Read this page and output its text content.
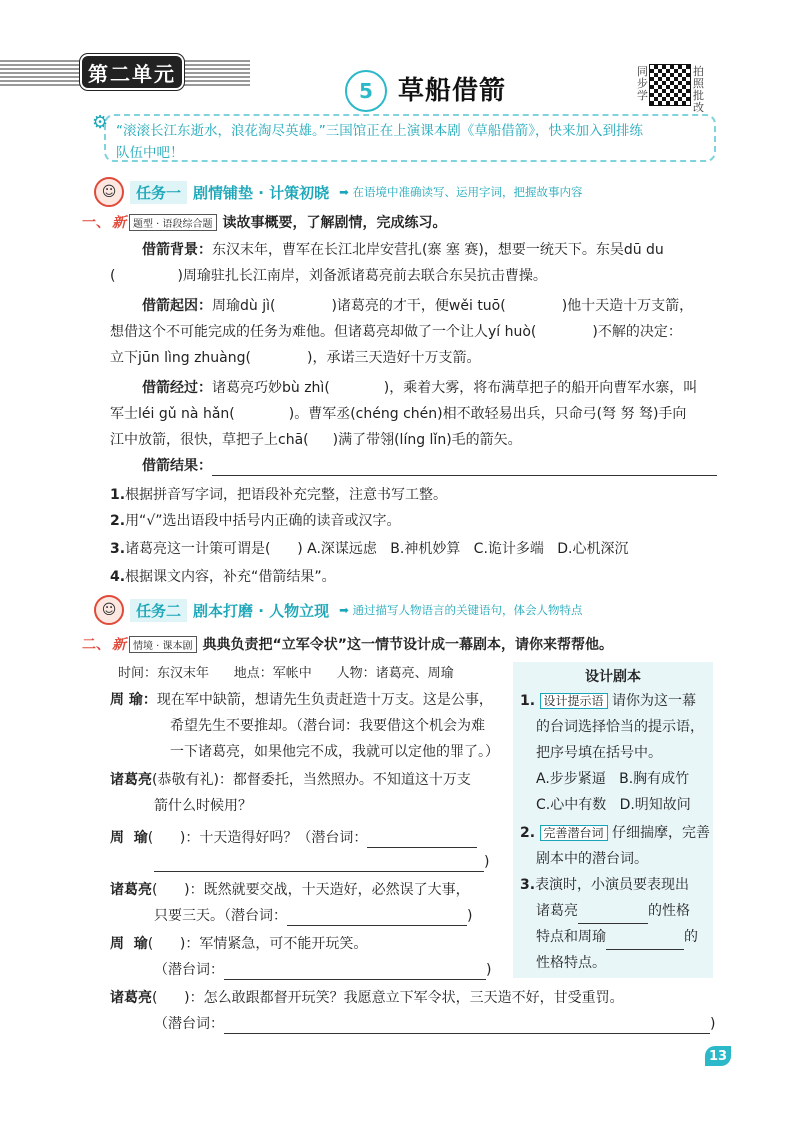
第二单元
5 草船借箭
同步学
拍照批改
⚙ “滚滚长江东逝水，浪花淘尽英雄。”三国馆正在上演课本剧《草船借箭》，快来加入到排练
队伍中吧！
☺	任务一 剧情铺垫 · 计策初晓 ➡ 在语境中准确读写、运用字词，把握故事内容
一、 新 题型 · 语段综合题 读故事概要，了解剧情，完成练习。
借箭背景：东汉末年，曹军在长江北岸安营扎(寨 塞 赛)，想要一统天下。东吴dū du
(	)周瑜驻扎长江南岸，刘备派诸葛亮前去联合东吴抗击曹操。
借箭起因：周瑜dù jì(	)诸葛亮的才干，便wěi tuō(	)他十天造十万支箭，
想借这个不可能完成的任务为难他。但诸葛亮却做了一个让人yí huò(	)不解的决定：
立下jūn lìng zhuàng(	)，承诺三天造好十万支箭。
借箭经过：诸葛亮巧妙bù zhì(	)，乘着大雾，将布满草把子的船开向曹军水寨，叫
军士léi gǔ nà hǎn(	)。曹军丞(chéng chén)相不敢轻易出兵，只命弓(弩 努 驽)手向
江中放箭，很快，草把子上chā( )满了带翎(líng lǐn)毛的箭矢。
借箭结果：
1.根据拼音写字词，把语段补充完整，注意书写工整。
2.用“√”选出语段中括号内正确的读音或汉字。
3.诸葛亮这一计策可谓是(      ) A.深谋远虑   B.神机妙算   C.诡计多端   D.心机深沉
4.根据课文内容，补充“借箭结果”。
☺	任务二 剧本打磨 · 人物立现 ➡ 通过描写人物语言的关键语句，体会人物特点
二、 新 情境 · 课本剧 典典负责把“立军令状”这一情节设计成一幕剧本，请你来帮帮他。
时间：东汉末年      地点：军帐中      人物：诸葛亮、周瑜
周 瑜：现在军中缺箭，想请先生负责赶造十万支。这是公事，
希望先生不要推却。（潜台词：我要借这个机会为难
一下诸葛亮，如果他完不成，我就可以定他的罪了。）
诸葛亮(恭敬有礼)：都督委托，当然照办。不知道这十万支
箭什么时候用？
周  瑜(      )：十天造得好吗？（潜台词：
)
诸葛亮(      )：既然就要交战，十天造好，必然误了大事，
只要三天。（潜台词：	)
周  瑜(      )：军情紧急，可不能开玩笑。
（潜台词：	)
诸葛亮(      )：怎么敢跟都督开玩笑？我愿意立下军令状，三天造不好，甘受重罚。
（潜台词：	)
设计剧本
1. 设计提示语 请你为这一幕
的台词选择恰当的提示语，
把序号填在括号中。
A.步步紧逼   B.胸有成竹
C.心中有数   D.明知故问
2. 完善潜台词 仔细揣摩，完善
剧本中的潜台词。
3.表演时，小演员要表现出
诸葛亮	的性格
特点和周瑜	的
性格特点。
13
